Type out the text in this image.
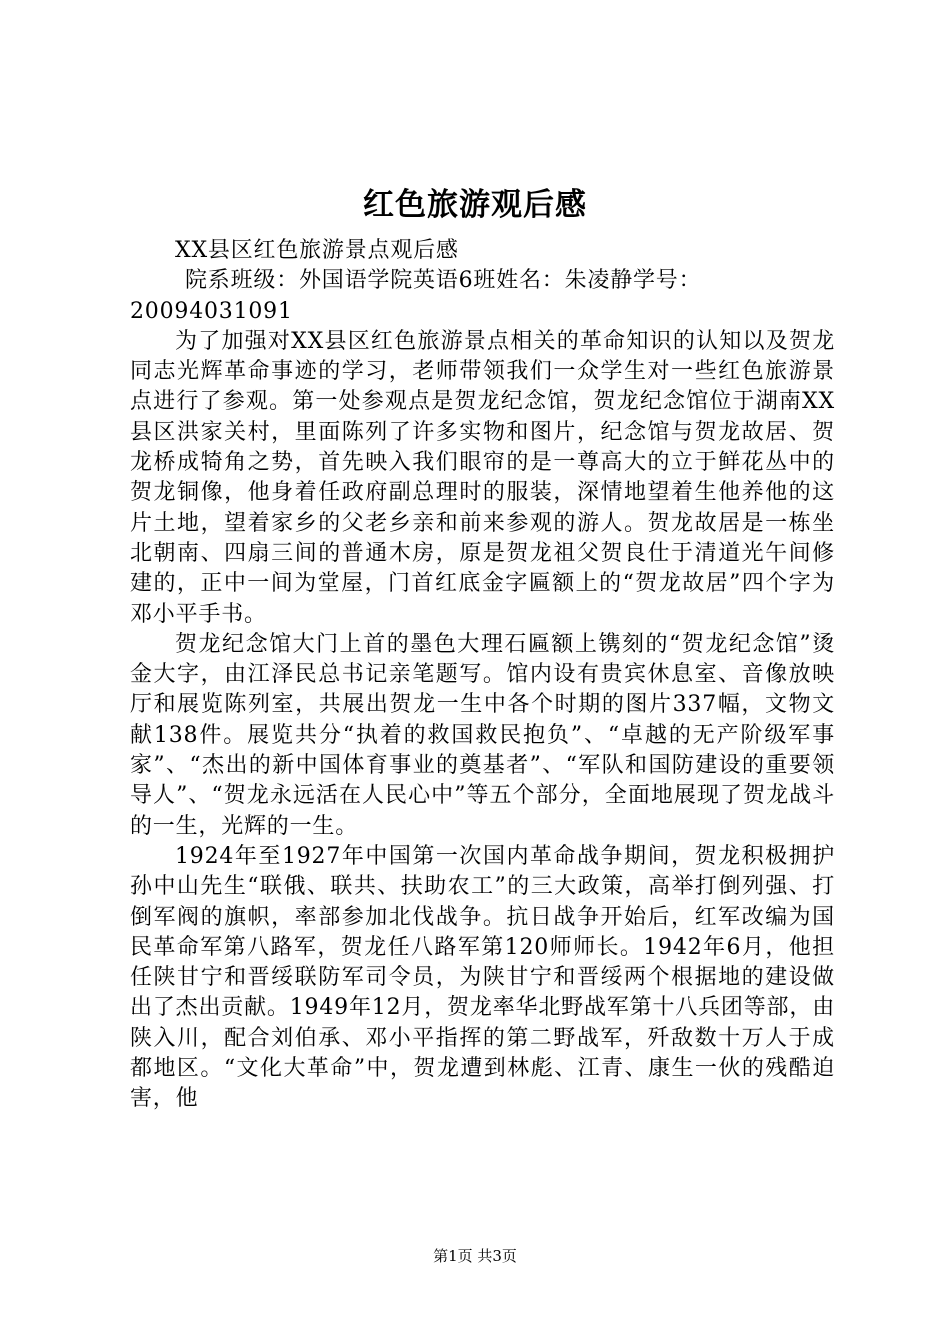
红色旅游观后感
XX县区红色旅游景点观后感
院系班级：外国语学院英语6班姓名：朱凌静学号：
20094031091

为了加强对XX县区红色旅游景点相关的革命知识的认知以及贺龙同志光辉革命事迹的学习，老师带领我们一众学生对一些红色旅游景点进行了参观。第一处参观点是贺龙纪念馆，贺龙纪念馆位于湖南XX县区洪家关村，里面陈列了许多实物和图片，纪念馆与贺龙故居、贺龙桥成犄角之势，首先映入我们眼帘的是一尊高大的立于鲜花丛中的贺龙铜像，他身着任政府副总理时的服装，深情地望着生他养他的这片土地，望着家乡的父老乡亲和前来参观的游人。贺龙故居是一栋坐北朝南、四扇三间的普通木房，原是贺龙祖父贺良仕于清道光午间修建的，正中一间为堂屋，门首红底金字匾额上的“贺龙故居”四个字为邓小平手书。

贺龙纪念馆大门上首的墨色大理石匾额上镌刻的“贺龙纪念馆”烫金大字，由江泽民总书记亲笔题写。馆内设有贵宾休息室、音像放映厅和展览陈列室，共展出贺龙一生中各个时期的图片337幅，文物文献138件。展览共分“执着的救国救民抱负”、“卓越的无产阶级军事家”、“杰出的新中国体育事业的奠基者”、“军队和国防建设的重要领导人”、“贺龙永远活在人民心中”等五个部分，全面地展现了贺龙战斗的一生，光辉的一生。

1924年至1927年中国第一次国内革命战争期间，贺龙积极拥护孙中山先生“联俄、联共、扶助农工”的三大政策，高举打倒列强、打倒军阀的旗帜，率部参加北伐战争。抗日战争开始后，红军改编为国民革命军第八路军，贺龙任八路军第120师师长。1942年6月，他担任陕甘宁和晋绥联防军司令员，为陕甘宁和晋绥两个根据地的建设做出了杰出贡献。1949年12月，贺龙率华北野战军第十八兵团等部，由陕入川，配合刘伯承、邓小平指挥的第二野战军，歼敌数十万人于成都地区。“文化大革命”中，贺龙遭到林彪、江青、康生一伙的残酷迫害，他

第1页 共3页
